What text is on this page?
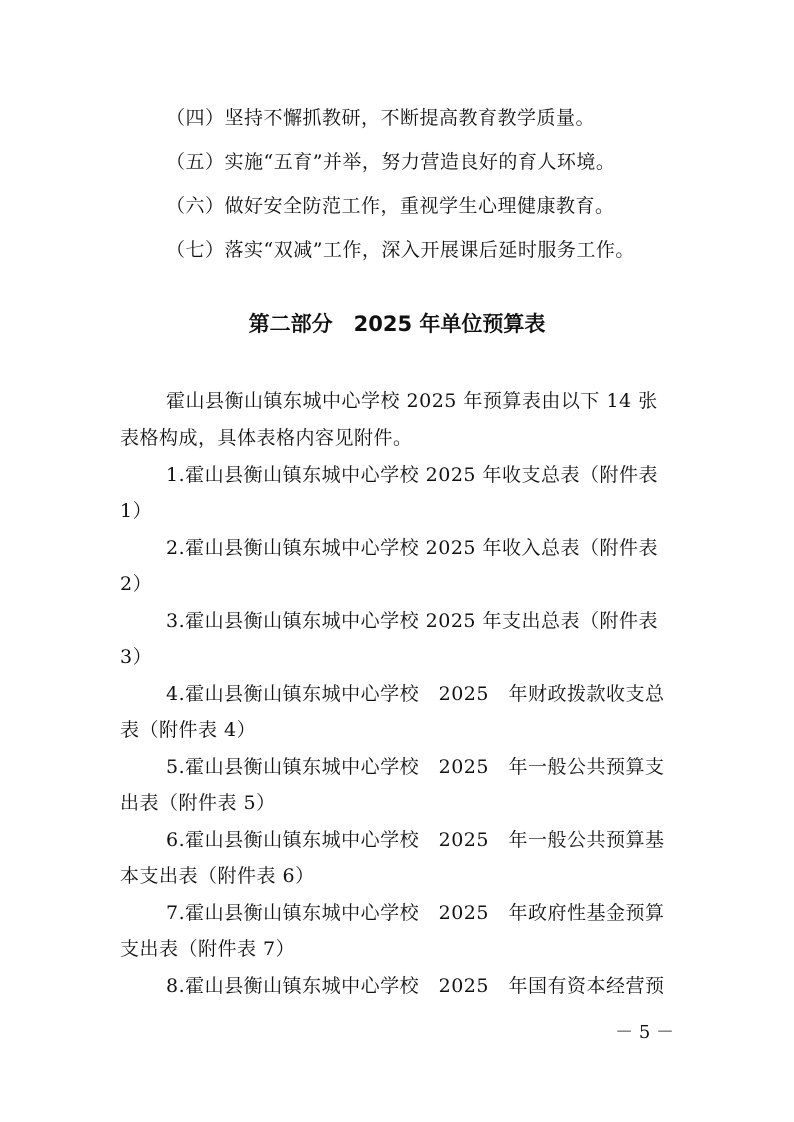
（四）坚持不懈抓教研，不断提高教育教学质量。
（五）实施“五育”并举，努力营造良好的育人环境。
（六）做好安全防范工作，重视学生心理健康教育。
（七）落实“双减”工作，深入开展课后延时服务工作。
第二部分　2025 年单位预算表
霍山县衡山镇东城中心学校 2025 年预算表由以下 14 张
表格构成，具体表格内容见附件。
1.霍山县衡山镇东城中心学校 2025 年收支总表（附件表
1）
2.霍山县衡山镇东城中心学校 2025 年收入总表（附件表
2）
3.霍山县衡山镇东城中心学校 2025 年支出总表（附件表
3）
4.霍山县衡山镇东城中心学校　2025　年财政拨款收支总
表（附件表 4）
5.霍山县衡山镇东城中心学校　2025　年一般公共预算支
出表（附件表 5）
6.霍山县衡山镇东城中心学校　2025　年一般公共预算基
本支出表（附件表 6）
7.霍山县衡山镇东城中心学校　2025　年政府性基金预算
支出表（附件表 7）
8.霍山县衡山镇东城中心学校　2025　年国有资本经营预
－ 5 －
